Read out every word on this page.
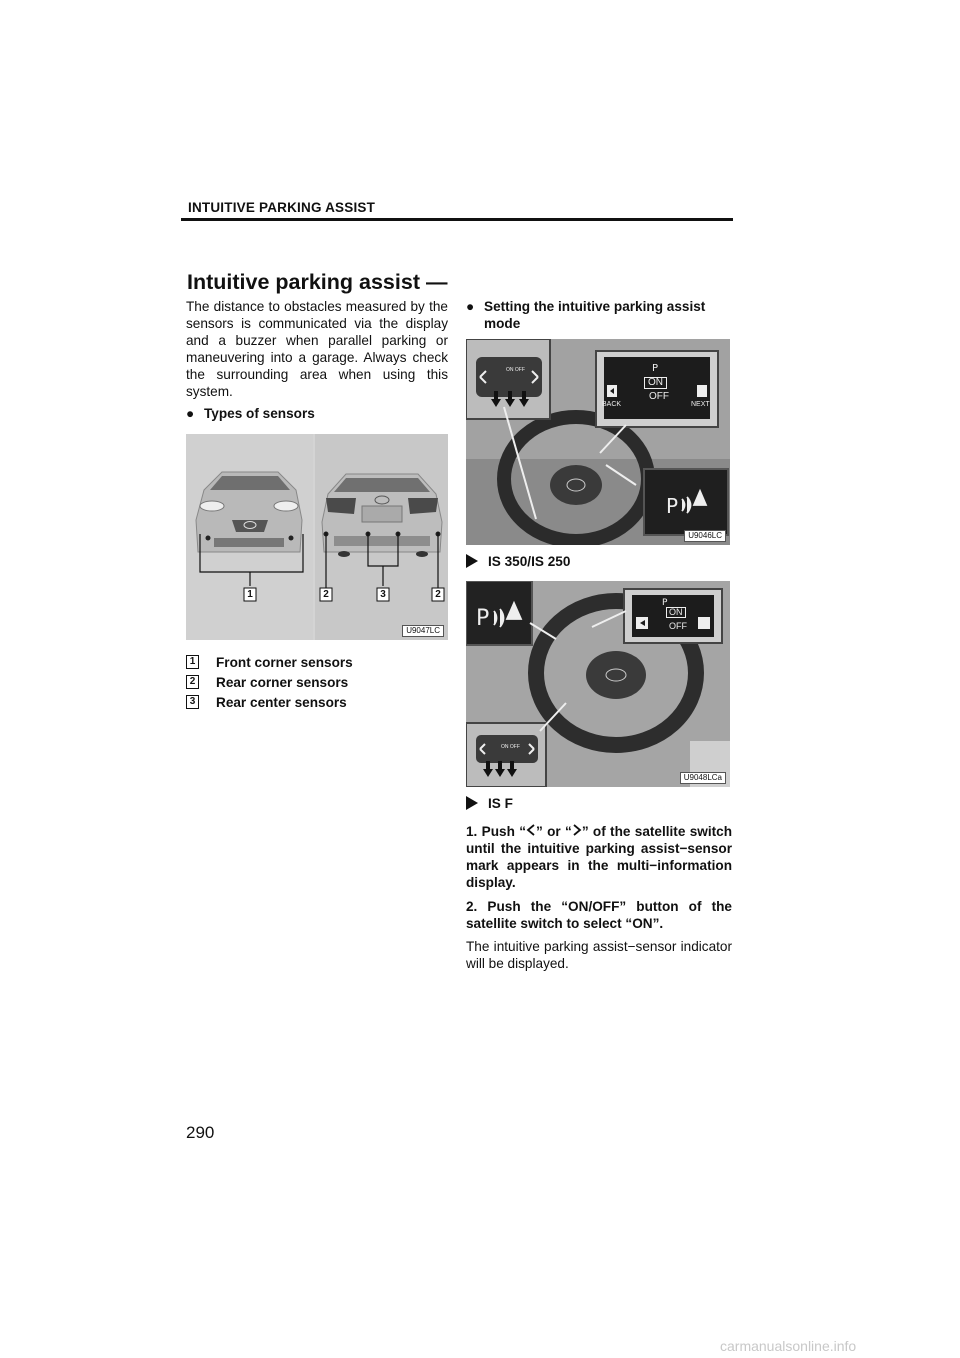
INTUITIVE PARKING ASSIST
Intuitive parking assist —

The distance to obstacles measured by the sensors is communicated via the display and a buzzer when parallel parking or maneuvering into a garage. Always check the surrounding area when using this system.

● Types of sensors
1	2	3	2
U9047LC
1 Front corner sensors
2 Rear corner sensors
3 Rear center sensors
● Setting the intuitive parking assist mode
P
P
ON OFF
ON
OFF
BACK	NEXT
U9046LC
IS 350/IS 250
P
P
ON
OFF
ON OFF
U9048LCa
IS F

1. Push “ ” or “ ” of the satellite switch until the intuitive parking assist−sensor mark appears in the multi−information display.

2. Push the “ON/OFF” button of the satellite switch to select “ON”.

The intuitive parking assist−sensor indicator will be displayed.

290
carmanualsonline.info
